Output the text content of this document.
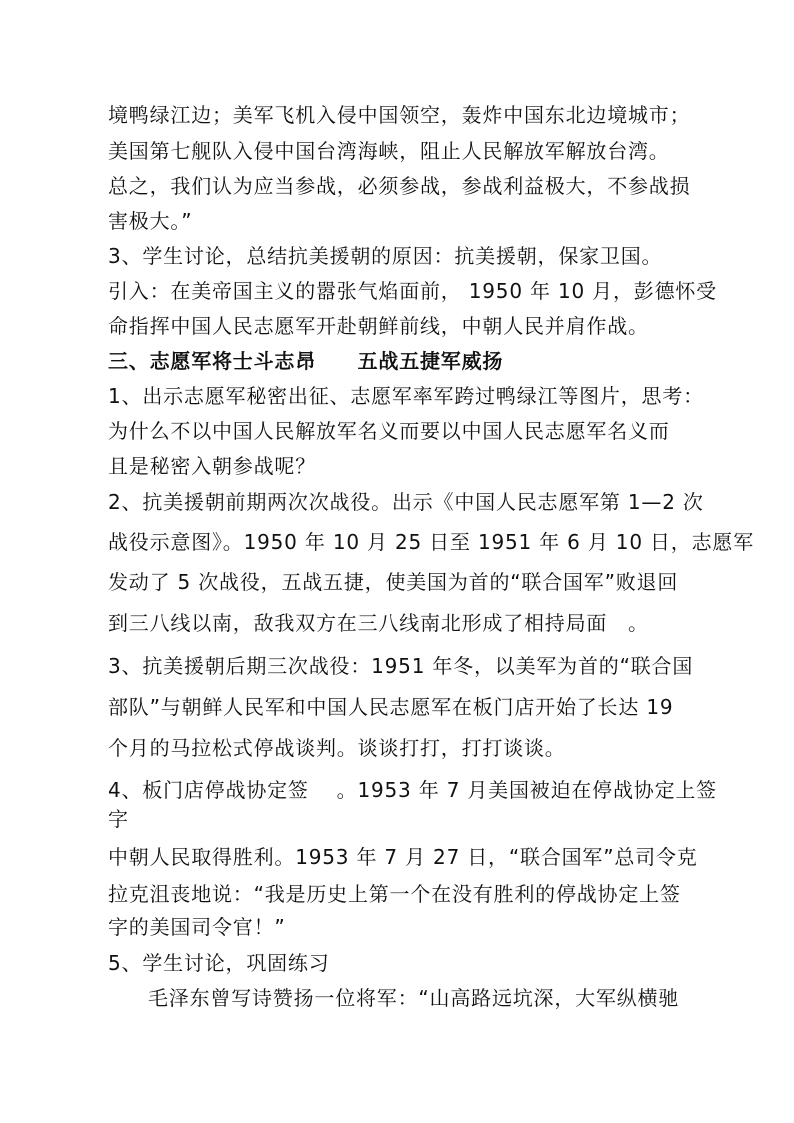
境鸭绿江边；美军飞机入侵中国领空，轰炸中国东北边境城市；
美国第七舰队入侵中国台湾海峡，阻止人民解放军解放台湾。
总之，我们认为应当参战，必须参战，参战利益极大，不参战损
害极大。”
3、学生讨论，总结抗美援朝的原因：抗美援朝，保家卫国。
引入：在美帝国主义的嚣张气焰面前， 1950 年 10 月，彭德怀受
命指挥中国人民志愿军开赴朝鲜前线，中朝人民并肩作战。
三、志愿军将士斗志昂　　五战五捷军威扬
1、出示志愿军秘密出征、志愿军率军跨过鸭绿江等图片，思考：
为什么不以中国人民解放军名义而要以中国人民志愿军名义而
且是秘密入朝参战呢？
2、抗美援朝前期两次次战役。出示《中国人民志愿军第 1—2 次
战役示意图》。1950 年 10 月 25 日至 1951 年 6 月 10 日，志愿军
发动了 5 次战役，五战五捷，使美国为首的“联合国军”败退回
到三八线以南，敌我双方在三八线南北形成了相持局面　。
3、抗美援朝后期三次战役：1951 年冬，以美军为首的“联合国
部队”与朝鲜人民军和中国人民志愿军在板门店开始了长达 19
个月的马拉松式停战谈判。谈谈打打，打打谈谈。
4、板门店停战协定签　 。1953 年 7 月美国被迫在停战协定上签
字
中朝人民取得胜利。1953 年 7 月 27 日，“联合国军”总司令克
拉克沮丧地说：“我是历史上第一个在没有胜利的停战协定上签
字的美国司令官！”
5、学生讨论，巩固练习
毛泽东曾写诗赞扬一位将军：“山高路远坑深，大军纵横驰
